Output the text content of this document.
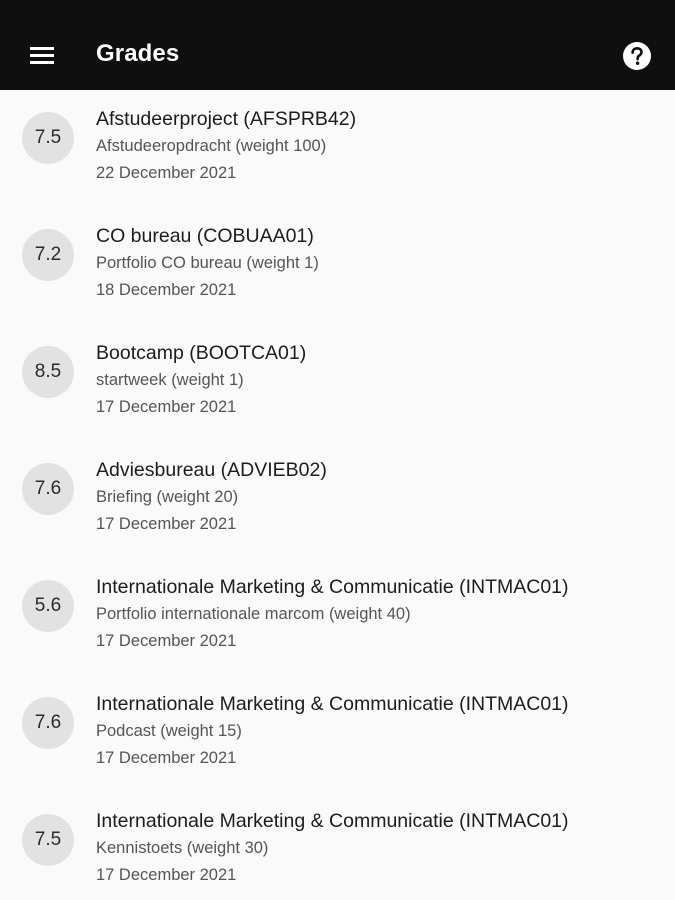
Grades
7.5
Afstudeerproject (AFSPRB42)
Afstudeeropdracht (weight 100)
22 December 2021
7.2
CO bureau (COBUAA01)
Portfolio CO bureau (weight 1)
18 December 2021
8.5
Bootcamp (BOOTCA01)
startweek (weight 1)
17 December 2021
7.6
Adviesbureau (ADVIEB02)
Briefing (weight 20)
17 December 2021
5.6
Internationale Marketing & Communicatie (INTMAC01)
Portfolio internationale marcom (weight 40)
17 December 2021
7.6
Internationale Marketing & Communicatie (INTMAC01)
Podcast (weight 15)
17 December 2021
7.5
Internationale Marketing & Communicatie (INTMAC01)
Kennistoets (weight 30)
17 December 2021
